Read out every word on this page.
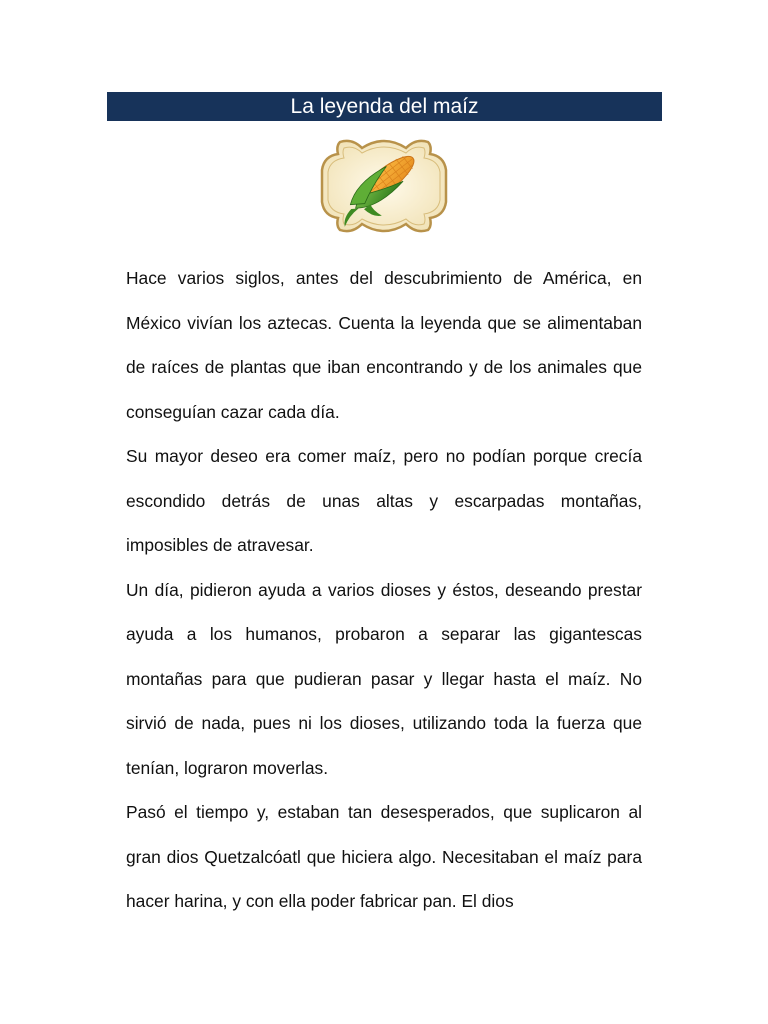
La leyenda del maíz

Hace varios siglos, antes del descubrimiento de América, en México vivían los aztecas. Cuenta la leyenda que se alimentaban de raíces de plantas que iban encontrando y de los animales que conseguían cazar cada día.

Su mayor deseo era comer maíz, pero no podían porque crecía escondido detrás de unas altas y escarpadas montañas, imposibles de atravesar.

Un día, pidieron ayuda a varios dioses y éstos, deseando prestar ayuda a los humanos, probaron a separar las gigantescas montañas para que pudieran pasar y llegar hasta el maíz. No sirvió de nada, pues ni los dioses, utilizando toda la fuerza que tenían, lograron moverlas.

Pasó el tiempo y, estaban tan desesperados, que suplicaron al gran dios Quetzalcóatl que hiciera algo. Necesitaban el maíz para hacer harina, y con ella poder fabricar pan. El dios
